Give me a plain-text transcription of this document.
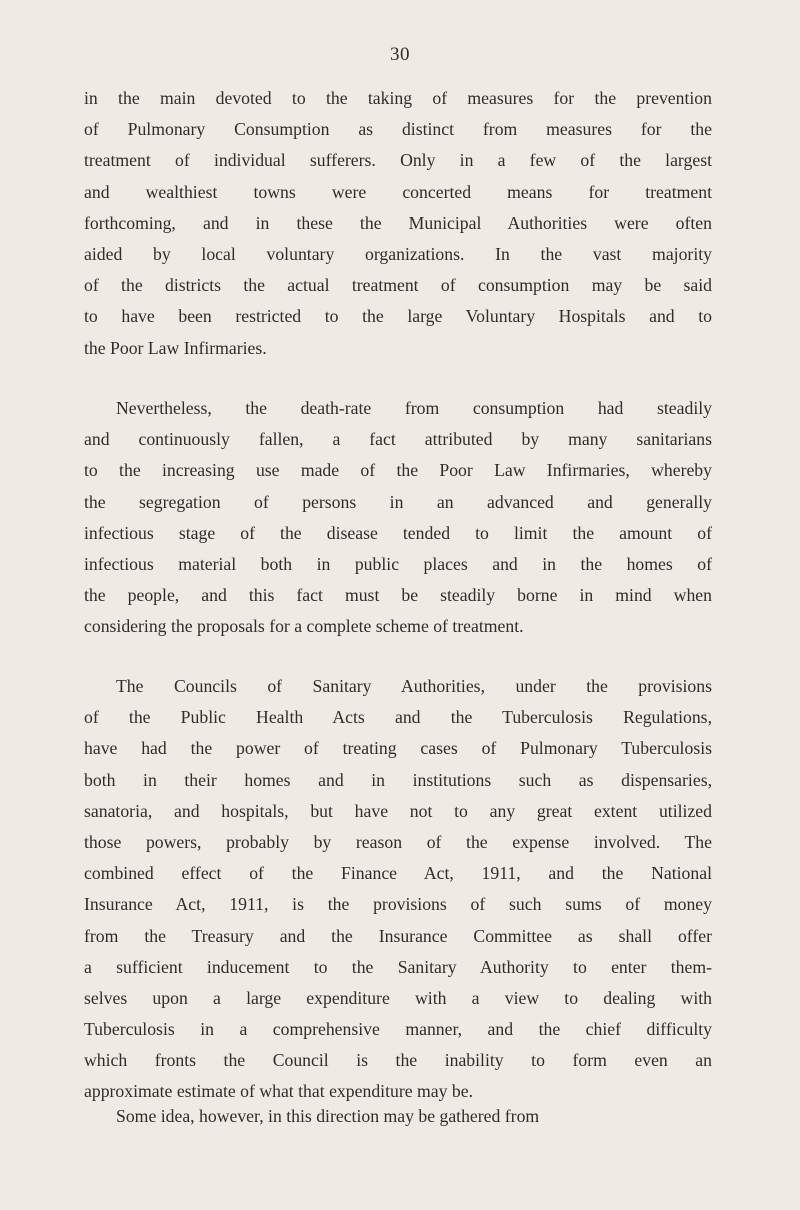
30
in the main devoted to the taking of measures for the prevention
of Pulmonary Consumption as distinct from measures for the
treatment of individual sufferers. Only in a few of the largest
and wealthiest towns were concerted means for treatment
forthcoming, and in these the Municipal Authorities were often
aided by local voluntary organizations. In the vast majority
of the districts the actual treatment of consumption may be said
to have been restricted to the large Voluntary Hospitals and to
the Poor Law Infirmaries.
Nevertheless, the death-rate from consumption had steadily
and continuously fallen, a fact attributed by many sanitarians
to the increasing use made of the Poor Law Infirmaries, whereby
the segregation of persons in an advanced and generally
infectious stage of the disease tended to limit the amount of
infectious material both in public places and in the homes of
the people, and this fact must be steadily borne in mind when
considering the proposals for a complete scheme of treatment.
The Councils of Sanitary Authorities, under the provisions
of the Public Health Acts and the Tuberculosis Regulations,
have had the power of treating cases of Pulmonary Tuberculosis
both in their homes and in institutions such as dispensaries,
sanatoria, and hospitals, but have not to any great extent utilized
those powers, probably by reason of the expense involved. The
combined effect of the Finance Act, 1911, and the National
Insurance Act, 1911, is the provisions of such sums of money
from the Treasury and the Insurance Committee as shall offer
a sufficient inducement to the Sanitary Authority to enter them-
selves upon a large expenditure with a view to dealing with
Tuberculosis in a comprehensive manner, and the chief difficulty
which fronts the Council is the inability to form even an
approximate estimate of what that expenditure may be.
Some idea, however, in this direction may be gathered from
